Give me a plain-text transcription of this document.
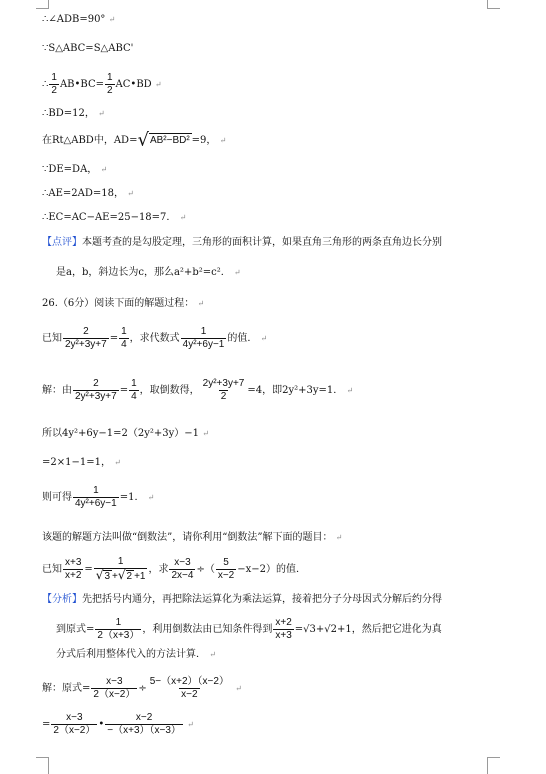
∴∠ADB=90° ↵
∵S△ABC=S△ABC'
∴ $\frac{1}{2}$ AB•BC= $\frac{1}{2}$ AC•BD ↵
∴BD=12， ↵
在Rt△ABD中，AD=√AB²−BD² =9， ↵
∵DE=DA， ↵
∴AE=2AD=18， ↵
∴EC=AC−AE=25−18=7． ↵
【点评】本题考查的是勾股定理，三角形的面积计算，如果直角三角形的两条直角边长分别
是a，b，斜边长为c，那么a²+b²=c²． ↵
26.（6分）阅读下面的解题过程： ↵
已知 $\frac{2}{\text{2y²+3y+7}} = \frac{1}{4}$ ，求代数式 $\frac{1}{\text{4y²+6y−1}}$ 的值． ↵
解：由 $\frac{2}{\text{2y²+3y+7}} = \frac{1}{4}$ ，取倒数得， $\frac{\text{2y²+3y+7}}{2} =4$，即2y²+3y=1． ↵
所以4y²+6y−1=2（2y²+3y）−1 ↵
=2×1−1=1， ↵
则可得 $\frac{1}{\text{4y²+6y−1}} =1$． ↵
该题的解题方法叫做“倒数法”，请你利用“倒数法”解下面的题目： ↵
已知 $\frac{x+3}{x+2} = \frac{1}{√3 +√2 +1}$ ，求 $\frac{x-3}{2x-4}$ ÷（ $\frac{5}{x-2} -x-2$）的值．
【分析】先把括号内通分，再把除法运算化为乘法运算，接着把分子分母因式分解后约分得
到原式= $\frac{1}{2(x+3)}$ ，利用倒数法由已知条件得到 $\frac{x+2}{x+3} =√3+√2+1$，然后把它进化为真
分式后利用整体代入的方法计算． ↵
解：原式= $\frac{x-3}{2(x-2)} \div \frac{5-(x+2)(x-2)}{x-2}$ ↵
= $\frac{x-3}{2(x-2)}$ • $\frac{x-2}{-(x+3)(x-3)}$ ↵
